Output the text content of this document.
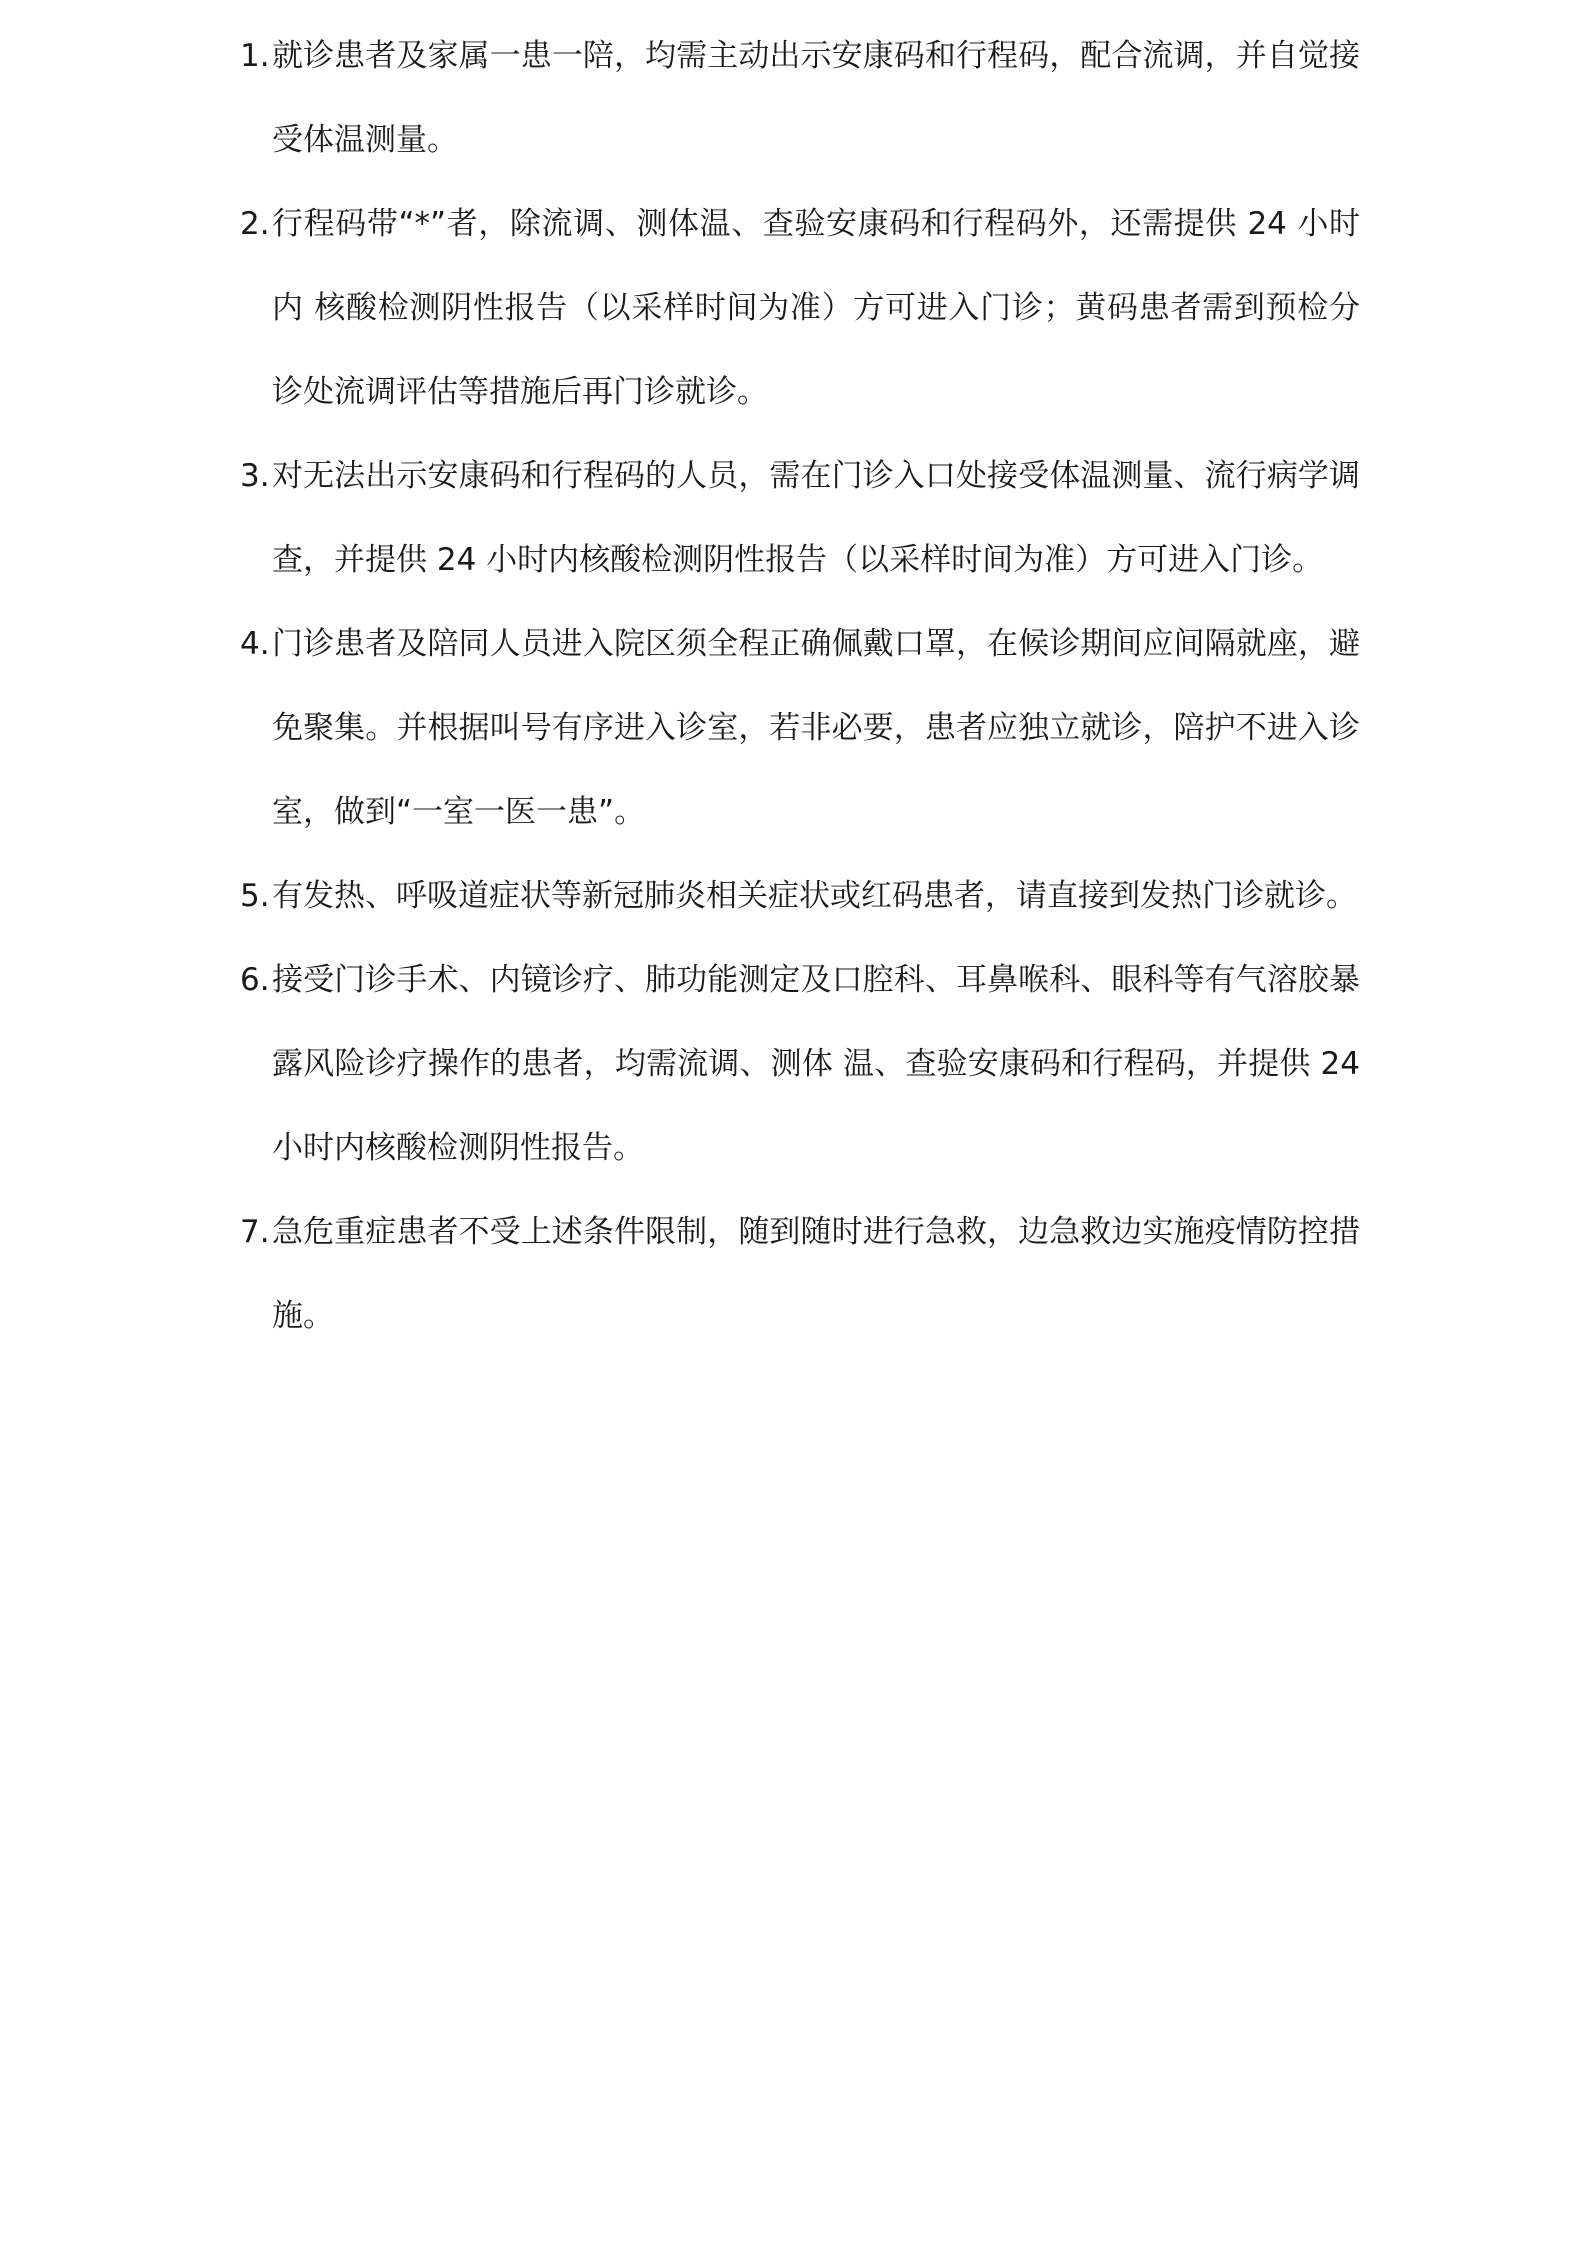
1. 就诊患者及家属一患一陪，均需主动出示安康码和行程码，配合流调，并自觉接受体温测量。
2. 行程码带“*”者，除流调、测体温、查验安康码和行程码外，还需提供 24 小时内 核酸检测阴性报告（以采样时间为准）方可进入门诊；黄码患者需到预检分诊处流调评估等措施后再门诊就诊。
3. 对无法出示安康码和行程码的人员，需在门诊入口处接受体温测量、流行病学调查，并提供 24 小时内核酸检测阴性报告（以采样时间为准）方可进入门诊。
4. 门诊患者及陪同人员进入院区须全程正确佩戴口罩，在候诊期间应间隔就座，避免聚集。并根据叫号有序进入诊室，若非必要，患者应独立就诊，陪护不进入诊室，做到“一室一医一患”。
5. 有发热、呼吸道症状等新冠肺炎相关症状或红码患者，请直接到发热门诊就诊。
6. 接受门诊手术、内镜诊疗、肺功能测定及口腔科、耳鼻喉科、眼科等有气溶胶暴露风险诊疗操作的患者，均需流调、测体 温、查验安康码和行程码，并提供 24 小时内核酸检测阴性报告。
7. 急危重症患者不受上述条件限制，随到随时进行急救，边急救边实施疫情防控措施。
